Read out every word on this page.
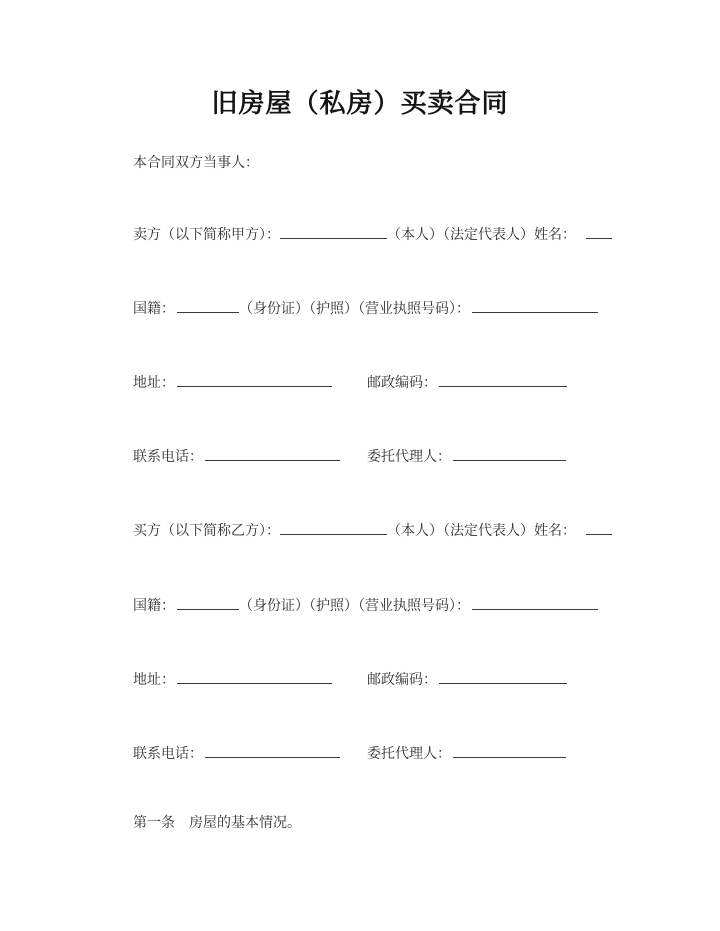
旧房屋（私房）买卖合同

本合同双方当事人：

卖方（以下简称甲方）：	（本人）（法定代表人）姓名：

国籍：	（身份证）（护照）（营业执照号码）：

地址：	邮政编码：

联系电话：	委托代理人：

买方（以下简称乙方）：	（本人）（法定代表人）姓名：

国籍：	（身份证）（护照）（营业执照号码）：

地址：	邮政编码：

联系电话：	委托代理人：

第一条　房屋的基本情况。
